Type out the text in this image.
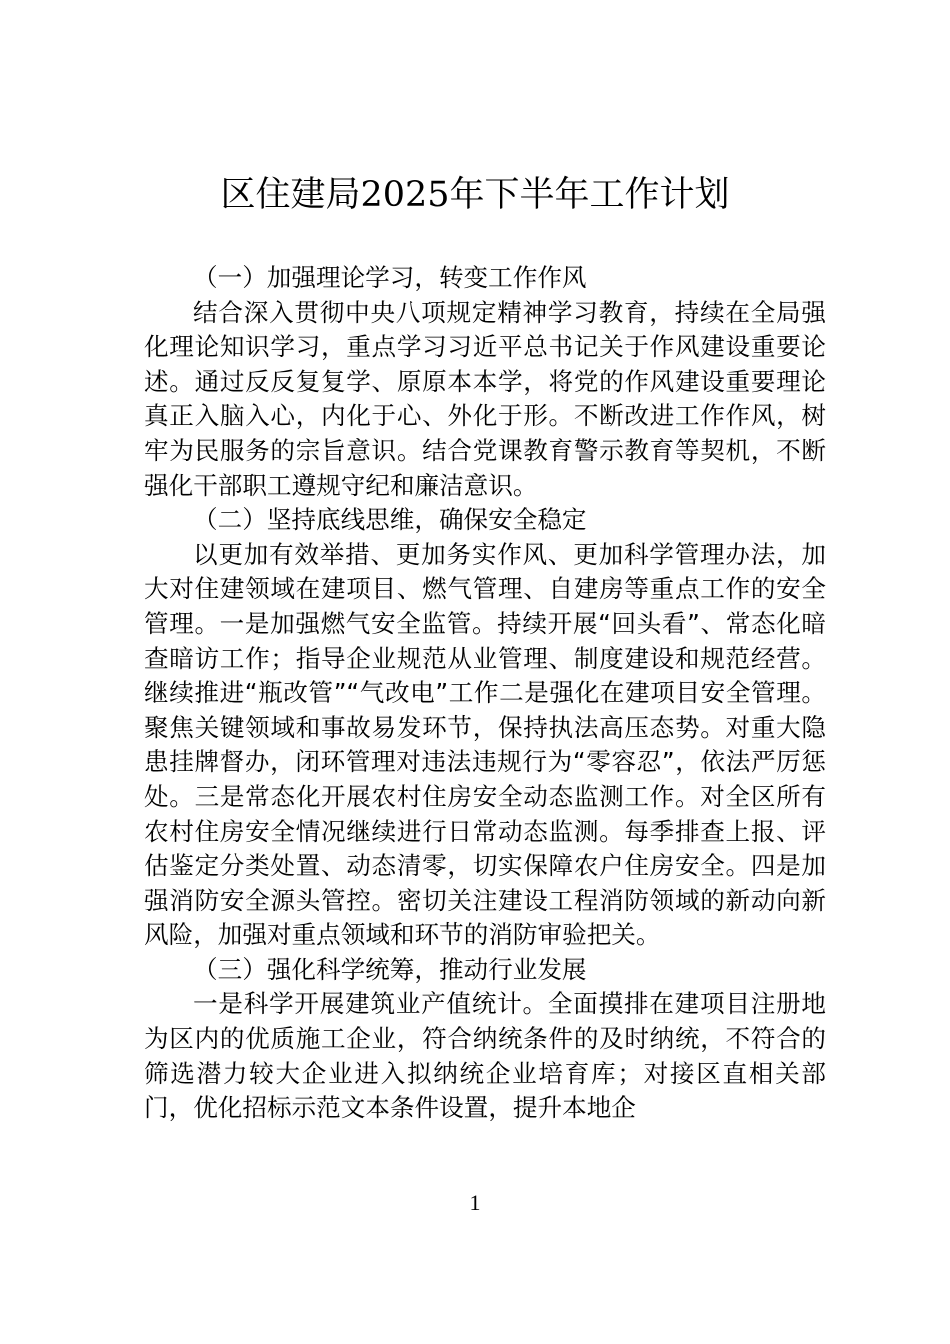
区住建局2025年下半年工作计划

（一）加强理论学习，转变工作作风

结合深入贯彻中央八项规定精神学习教育，持续在全局强化理论知识学习，重点学习习近平总书记关于作风建设重要论述。通过反反复复学、原原本本学，将党的作风建设重要理论真正入脑入心，内化于心、外化于形。不断改进工作作风，树牢为民服务的宗旨意识。结合党课教育警示教育等契机，不断强化干部职工遵规守纪和廉洁意识。

（二）坚持底线思维，确保安全稳定

以更加有效举措、更加务实作风、更加科学管理办法，加大对住建领域在建项目、燃气管理、自建房等重点工作的安全管理。一是加强燃气安全监管。持续开展“回头看”、常态化暗查暗访工作；指导企业规范从业管理、制度建设和规范经营。继续推进“瓶改管”“气改电”工作二是强化在建项目安全管理。聚焦关键领域和事故易发环节，保持执法高压态势。对重大隐患挂牌督办，闭环管理对违法违规行为“零容忍”，依法严厉惩处。三是常态化开展农村住房安全动态监测工作。对全区所有农村住房安全情况继续进行日常动态监测。每季排查上报、评估鉴定分类处置、动态清零，切实保障农户住房安全。四是加强消防安全源头管控。密切关注建设工程消防领域的新动向新风险，加强对重点领域和环节的消防审验把关。

（三）强化科学统筹，推动行业发展

一是科学开展建筑业产值统计。全面摸排在建项目注册地为区内的优质施工企业，符合纳统条件的及时纳统，不符合的筛选潜力较大企业进入拟纳统企业培育库；对接区直相关部门，优化招标示范文本条件设置，提升本地企

1
